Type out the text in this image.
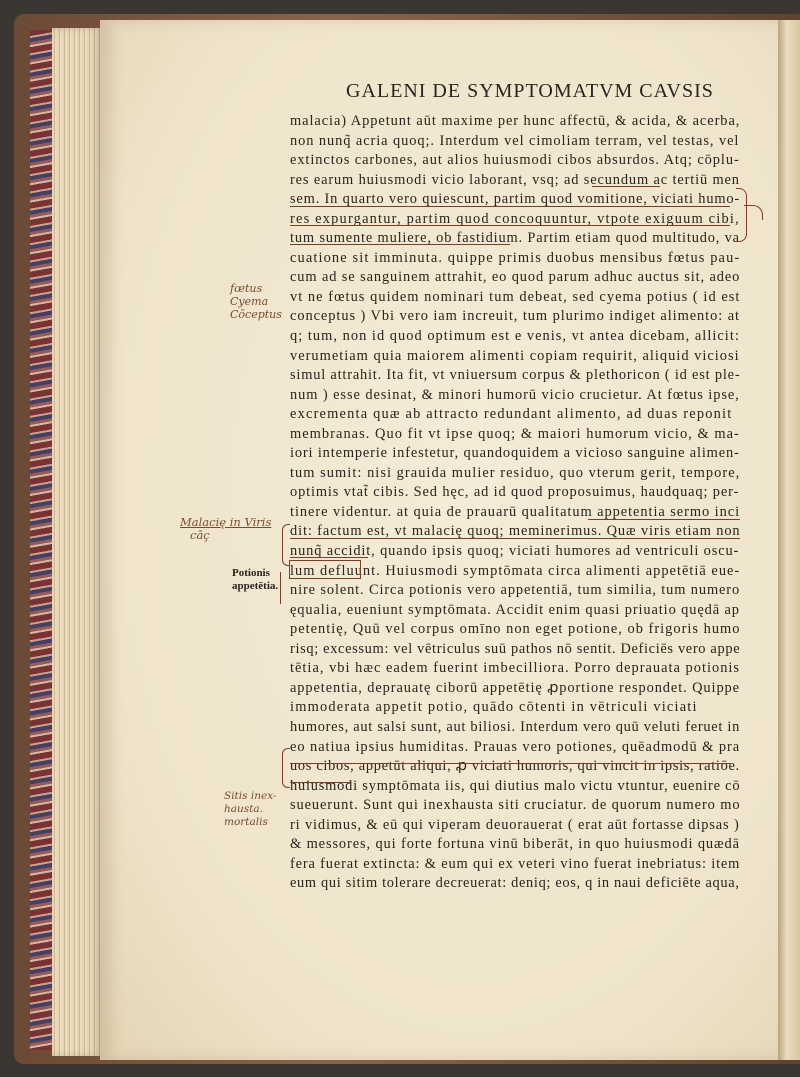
GALENI DE SYMPTOMATVM CAVSIS
malacia) Appetunt aūt maxime per hunc affectū, & acida, & acerba,
non nunq̃ acria quoq;. Interdum vel cimoliam terram, vel testas, vel
extinctos carbones, aut alios huiusmodi cibos absurdos. Atq; cōplu-
res earum huiusmodi vicio laborant, vsq; ad secundum ac tertiū men
sem. In quarto vero quiescunt, partim quod vomitione, viciati humo-
res expurgantur, partim quod concoquuntur, vtpote exiguum cibi,
tum sumente muliere, ob fastidium. Partim etiam quod multitudo, va
cuatione sit imminuta. quippe primis duobus mensibus fœtus pau-
cum ad se sanguinem attrahit, eo quod parum adhuc auctus sit, adeo
vt ne fœtus quidem nominari tum debeat, sed cyema potius ( id est
conceptus ) Vbi vero iam increuit, tum plurimo indiget alimento: at
q; tum, non id quod optimum est e venis, vt antea dicebam, allicit:
verumetiam quia maiorem alimenti copiam requirit, aliquid viciosi
simul attrahit. Ita fit, vt vniuersum corpus & plethoricon ( id est ple-
num ) esse desinat, & minori humorū vicio crucietur. At fœtus ipse,
excrementa quæ ab attracto redundant alimento, ad duas reponit
membranas. Quo fit vt ipse quoq; & maiori humorum vicio, & ma-
iori intemperie infestetur, quandoquidem a vicioso sanguine alimen-
tum sumit: nisi grauida mulier residuo, quo vterum gerit, tempore,
optimis vtat̃ cibis. Sed hęc, ad id quod proposuimus, haudquaq; per-
tinere videntur. at quia de prauarū qualitatum appetentia sermo inci
dit: factum est, vt malacię quoq; meminerimus. Quæ viris etiam non
nunq̃ accidit, quando ipsis quoq; viciati humores ad ventriculi oscu-
lum defluunt. Huiusmodi symptōmata circa alimenti appetētiā eue-
nire solent. Circa potionis vero appetentiā, tum similia, tum numero
ęqualia, eueniunt symptōmata. Accidit enim quasi priuatio quędā ap
petentię, Quū vel corpus omīno non eget potione, ob frigoris humo
risq; excessum: vel vētriculus suū pathos nō sentit. Deficiēs vero appe
tētia, vbi hæc eadem fuerint imbecilliora. Porro deprauata potionis
appetentia, deprauatę ciborū appetētię ꝓportione respondet. Quippe
immoderata appetit potio, quādo cōtenti in vētriculi viciati
humores, aut salsi sunt, aut biliosi. Interdum vero quū veluti feruet in
eo natiua ipsius humiditas. Prauas vero potiones, quēadmodū & pra
uos cibos, appetūt aliqui, ꝓ viciati humoris, qui vincit in ipsis, ratiōe.
huiusmodi symptōmata iis, qui diutius malo victu vtuntur, euenire cō
sueuerunt. Sunt qui inexhausta siti cruciatur. de quorum numero mo
ri vidimus, & eū qui viperam deuorauerat ( erat aūt fortasse dipsas )
& messores, qui forte fortuna vinū biberāt, in quo huiusmodi quædā
fera fuerat extincta: & eum qui ex veteri vino fuerat inebriatus: item
eum qui sitim tolerare decreuerat: deniq; eos, q in naui deficiēte aqua,
fœtus
Cyema
Cōceptus
Malacię in Viris
cāç
Potionis
appetētia.
Sitis inex-
hausta.
mortalis
